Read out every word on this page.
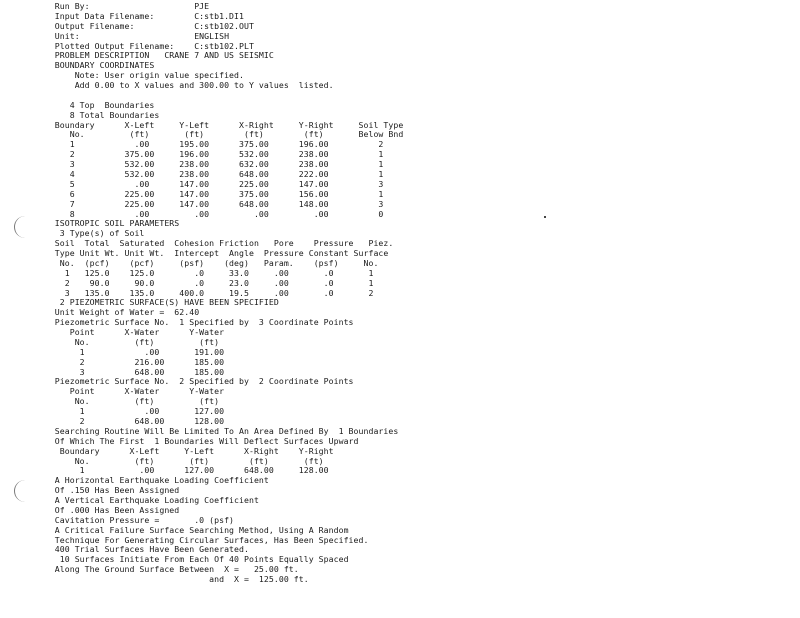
Run By:                     PJE
Input Data Filename:        C:stb1.DI1
Output Filename:            C:stb102.OUT
Unit:                       ENGLISH
Plotted Output Filename:    C:stb102.PLT
PROBLEM DESCRIPTION   CRANE 7 AND US SEISMIC
BOUNDARY COORDINATES
Note: User origin value specified.
Add 0.00 to X values and 300.00 to Y values  listed.
4 Top  Boundaries
8 Total Boundaries
Boundary      X-Left     Y-Left      X-Right     Y-Right     Soil Type
No.         (ft)       (ft)        (ft)        (ft)       Below Bnd
1            .00      195.00      375.00      196.00          2
2          375.00     196.00      532.00      238.00          1
3          532.00     238.00      632.00      238.00          1
4          532.00     238.00      648.00      222.00          1
5            .00      147.00      225.00      147.00          3
6          225.00     147.00      375.00      156.00          1
7          225.00     147.00      648.00      148.00          3
8            .00         .00         .00         .00          0
ISOTROPIC SOIL PARAMETERS
3 Type(s) of Soil
Soil  Total  Saturated  Cohesion Friction   Pore    Pressure   Piez.
Type Unit Wt. Unit Wt.  Intercept  Angle  Pressure Constant Surface
No.  (pcf)    (pcf)     (psf)    (deg)   Param.    (psf)     No.
1   125.0    125.0        .0     33.0     .00       .0       1
2    90.0     90.0        .0     23.0     .00       .0       1
3   135.0    135.0     400.0     19.5     .00       .0       2
2 PIEZOMETRIC SURFACE(S) HAVE BEEN SPECIFIED
Unit Weight of Water =  62.40
Piezometric Surface No.  1 Specified by  3 Coordinate Points
Point      X-Water      Y-Water
No.         (ft)         (ft)
1            .00       191.00
2          216.00      185.00
3          648.00      185.00
Piezometric Surface No.  2 Specified by  2 Coordinate Points
Point      X-Water      Y-Water
No.         (ft)         (ft)
1            .00       127.00
2          648.00      128.00
Searching Routine Will Be Limited To An Area Defined By  1 Boundaries
Of Which The First  1 Boundaries Will Deflect Surfaces Upward
Boundary      X-Left     Y-Left      X-Right    Y-Right
No.         (ft)       (ft)        (ft)       (ft)
1           .00      127.00      648.00     128.00
A Horizontal Earthquake Loading Coefficient
Of .150 Has Been Assigned
A Vertical Earthquake Loading Coefficient
Of .000 Has Been Assigned
Cavitation Pressure =       .0 (psf)
A Critical Failure Surface Searching Method, Using A Random
Technique For Generating Circular Surfaces, Has Been Specified.
400 Trial Surfaces Have Been Generated.
10 Surfaces Initiate From Each Of 40 Points Equally Spaced
Along The Ground Surface Between  X =   25.00 ft.
and  X =  125.00 ft.
